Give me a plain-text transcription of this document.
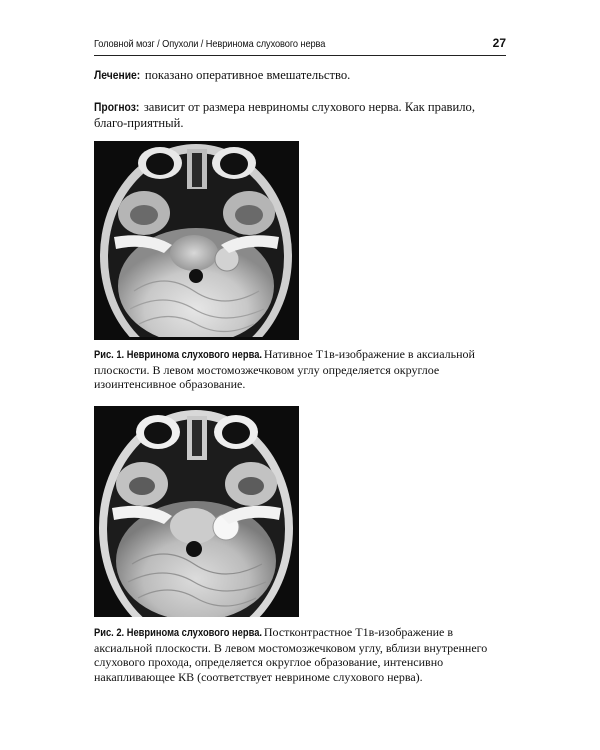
Головной мозг / Опухоли / Невринома слухового нерва	27
Лечение: показано оперативное вмешательство.
Прогноз: зависит от размера невриномы слухового нерва. Как правило, благо-приятный.
Рис. 1. Невринома слухового нерва. Нативное T1в-изображение в аксиальной плоскости. В левом мостомозжечковом углу определяется округлое изоинтенсивное образование.
Рис. 2. Невринома слухового нерва. Постконтрастное T1в-изображение в аксиальной плоскости. В левом мостомозжечковом углу, вблизи внутреннего слухового прохода, определяется округлое образование, интенсивно накапливающее КВ (соответствует невриноме слухового нерва).
